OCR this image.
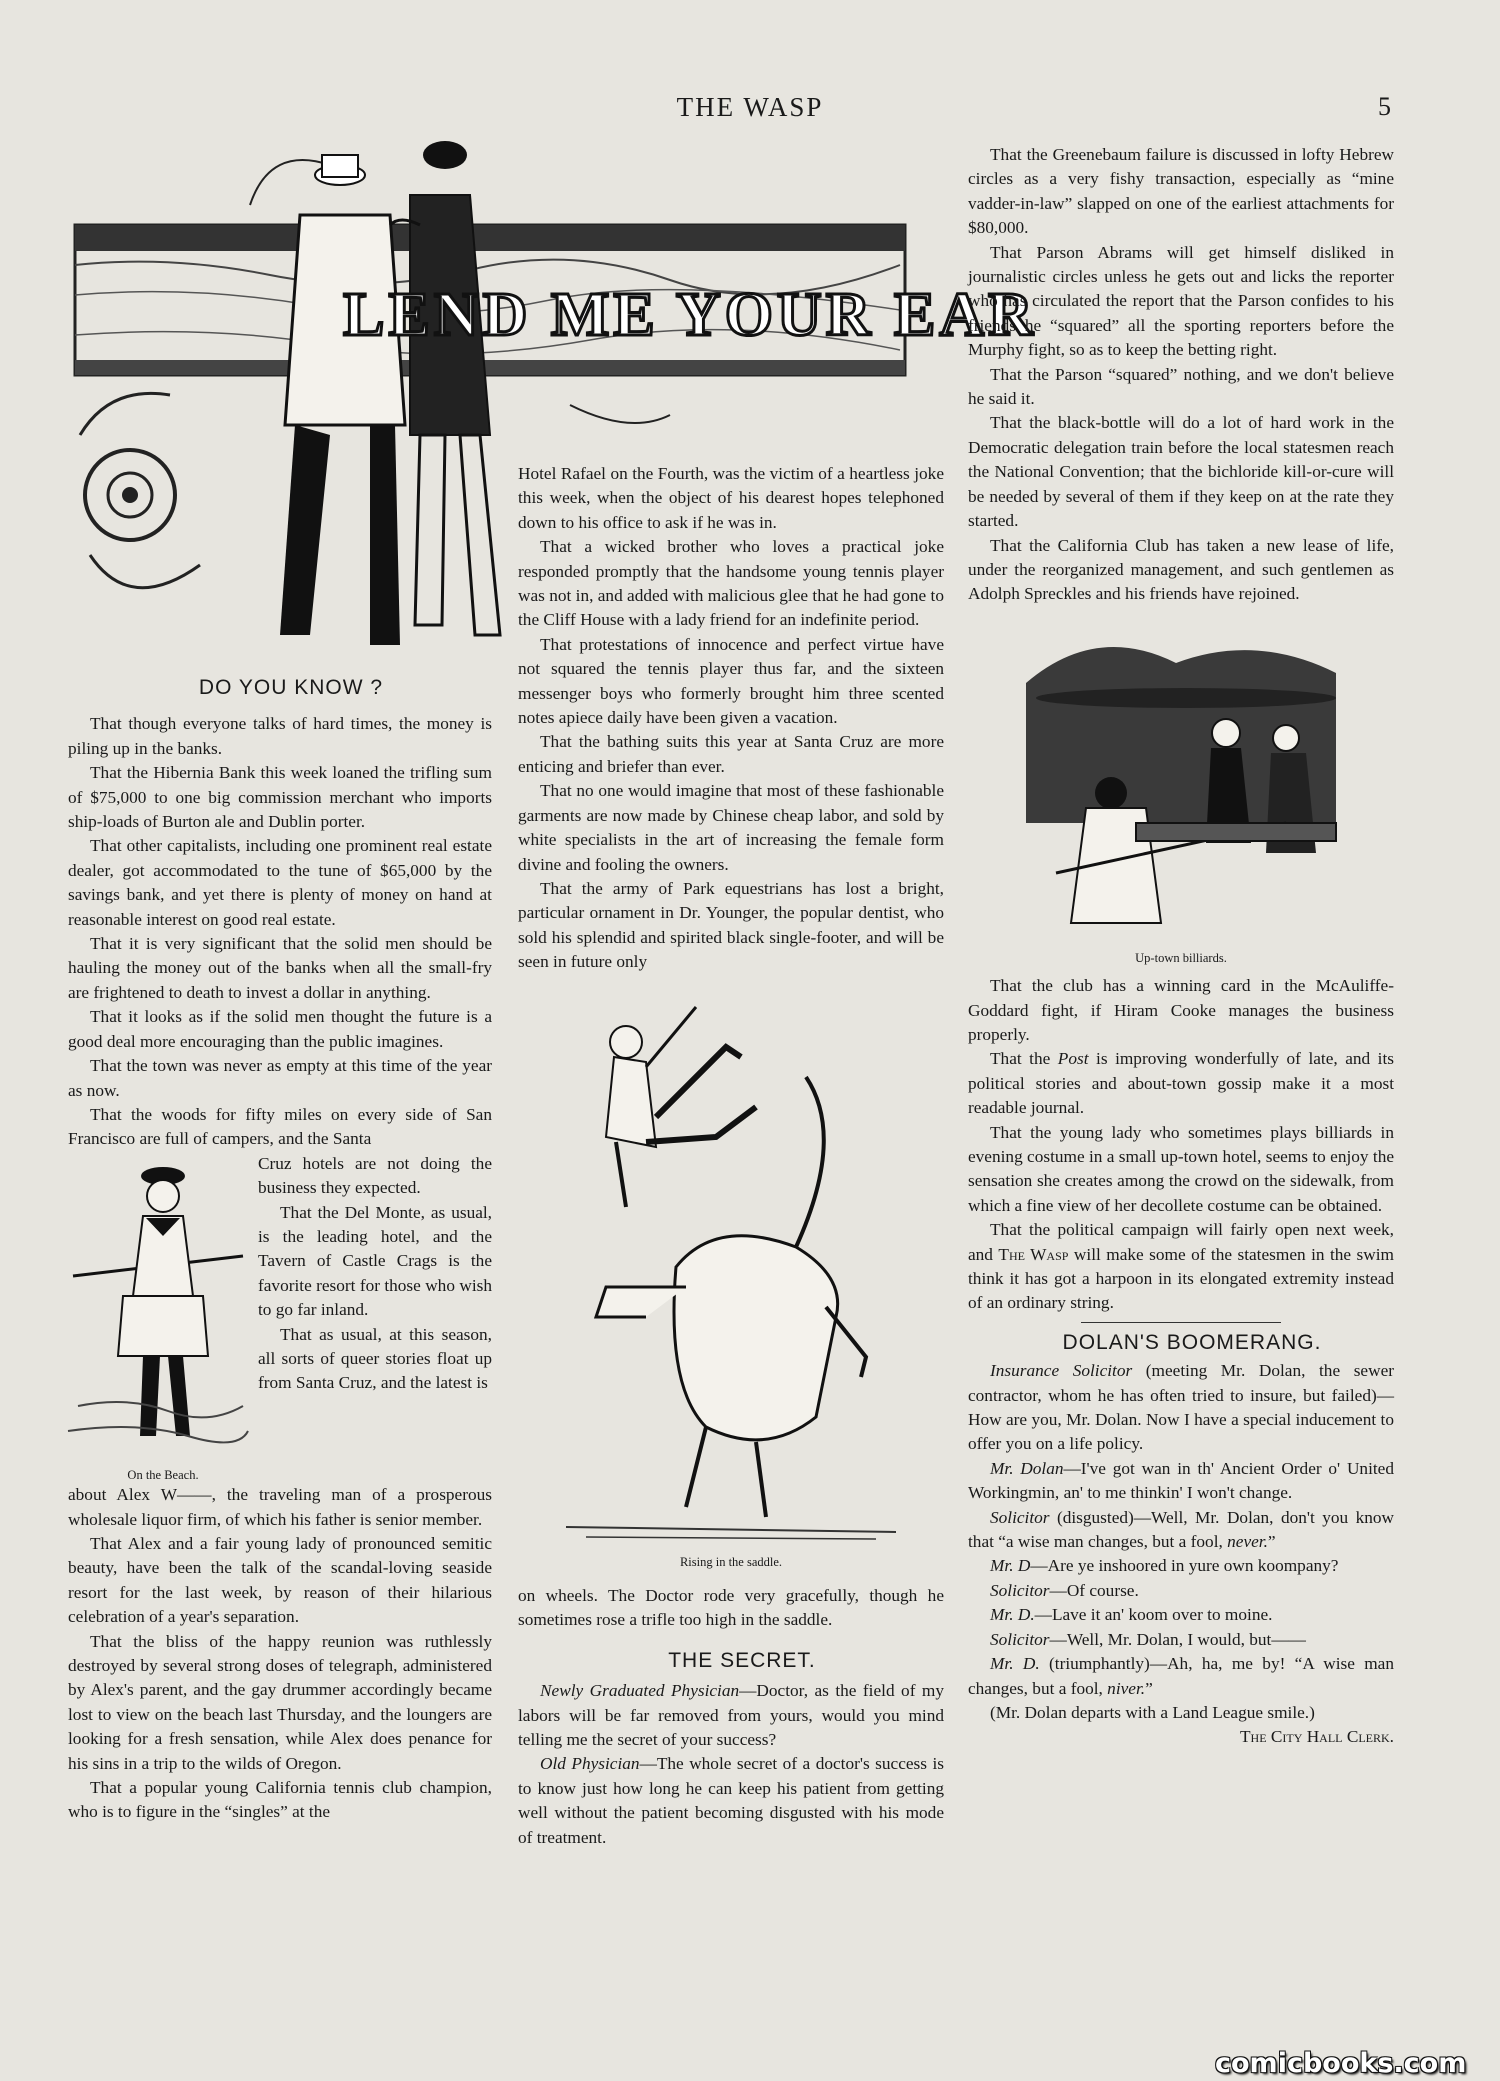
THE WASP	5
LEND ME YOUR EAR

DO YOU KNOW ?

That though everyone talks of hard times, the money is piling up in the banks.

That the Hibernia Bank this week loaned the trifling sum of $75,000 to one big commission merchant who imports ship-loads of Burton ale and Dublin porter.

That other capitalists, including one prominent real estate dealer, got accommodated to the tune of $65,000 by the savings bank, and yet there is plenty of money on hand at reasonable interest on good real estate.

That it is very significant that the solid men should be hauling the money out of the banks when all the small-fry are frightened to death to invest a dollar in anything.

That it looks as if the solid men thought the future is a good deal more encouraging than the public imagines.

That the town was never as empty at this time of the year as now.

That the woods for fifty miles on every side of San Francisco are full of campers, and the Santa

On the Beach.

Cruz hotels are not doing the business they expected.

That the Del Monte, as usual, is the leading hotel, and the Tavern of Castle Crags is the favorite resort for those who wish to go far inland.

That as usual, at this season, all sorts of queer stories float up from Santa Cruz, and the latest is

about Alex W——, the traveling man of a prosperous wholesale liquor firm, of which his father is senior member.

That Alex and a fair young lady of pronounced semitic beauty, have been the talk of the scandal-loving seaside resort for the last week, by reason of their hilarious celebration of a year's separation.

That the bliss of the happy reunion was ruthlessly destroyed by several strong doses of telegraph, administered by Alex's parent, and the gay drummer accordingly became lost to view on the beach last Thursday, and the loungers are looking for a fresh sensation, while Alex does penance for his sins in a trip to the wilds of Oregon.

That a popular young California tennis club champion, who is to figure in the “singles” at the

Hotel Rafael on the Fourth, was the victim of a heartless joke this week, when the object of his dearest hopes telephoned down to his office to ask if he was in.

That a wicked brother who loves a practical joke responded promptly that the handsome young tennis player was not in, and added with malicious glee that he had gone to the Cliff House with a lady friend for an indefinite period.

That protestations of innocence and perfect virtue have not squared the tennis player thus far, and the sixteen messenger boys who formerly brought him three scented notes apiece daily have been given a vacation.

That the bathing suits this year at Santa Cruz are more enticing and briefer than ever.

That no one would imagine that most of these fashionable garments are now made by Chinese cheap labor, and sold by white specialists in the art of increasing the female form divine and fooling the owners.

That the army of Park equestrians has lost a bright, particular ornament in Dr. Younger, the popular dentist, who sold his splendid and spirited black single-footer, and will be seen in future only

Rising in the saddle.

on wheels. The Doctor rode very gracefully, though he sometimes rose a trifle too high in the saddle.

THE SECRET.

Newly Graduated Physician—Doctor, as the field of my labors will be far removed from yours, would you mind telling me the secret of your success?

Old Physician—The whole secret of a doctor's success is to know just how long he can keep his patient from getting well without the patient becoming disgusted with his mode of treatment.

That the Greenebaum failure is discussed in lofty Hebrew circles as a very fishy transaction, especially as “mine vadder-in-law” slapped on one of the earliest attachments for $80,000.

That Parson Abrams will get himself disliked in journalistic circles unless he gets out and licks the reporter who has circulated the report that the Parson confides to his friends he “squared” all the sporting reporters before the Murphy fight, so as to keep the betting right.

That the Parson “squared” nothing, and we don't believe he said it.

That the black-bottle will do a lot of hard work in the Democratic delegation train before the local statesmen reach the National Convention; that the bichloride kill-or-cure will be needed by several of them if they keep on at the rate they started.

That the California Club has taken a new lease of life, under the reorganized management, and such gentlemen as Adolph Spreckles and his friends have rejoined.

Up-town billiards.

That the club has a winning card in the McAuliffe-Goddard fight, if Hiram Cooke manages the business properly.

That the Post is improving wonderfully of late, and its political stories and about-town gossip make it a most readable journal.

That the young lady who sometimes plays billiards in evening costume in a small up-town hotel, seems to enjoy the sensation she creates among the crowd on the sidewalk, from which a fine view of her decollete costume can be obtained.

That the political campaign will fairly open next week, and The Wasp will make some of the statesmen in the swim think it has got a harpoon in its elongated extremity instead of an ordinary string.

DOLAN'S BOOMERANG.

Insurance Solicitor (meeting Mr. Dolan, the sewer contractor, whom he has often tried to insure, but failed)—How are you, Mr. Dolan. Now I have a special inducement to offer you on a life policy.

Mr. Dolan—I've got wan in th' Ancient Order o' United Workingmin, an' to me thinkin' I won't change.

Solicitor (disgusted)—Well, Mr. Dolan, don't you know that “a wise man changes, but a fool, never.”

Mr. D—Are ye inshoored in yure own koompany?

Solicitor—Of course.

Mr. D.—Lave it an' koom over to moine.

Solicitor—Well, Mr. Dolan, I would, but——

Mr. D. (triumphantly)—Ah, ha, me by! “A wise man changes, but a fool, niver.”

(Mr. Dolan departs with a Land League smile.)

The City Hall Clerk.

comicbooks.com
